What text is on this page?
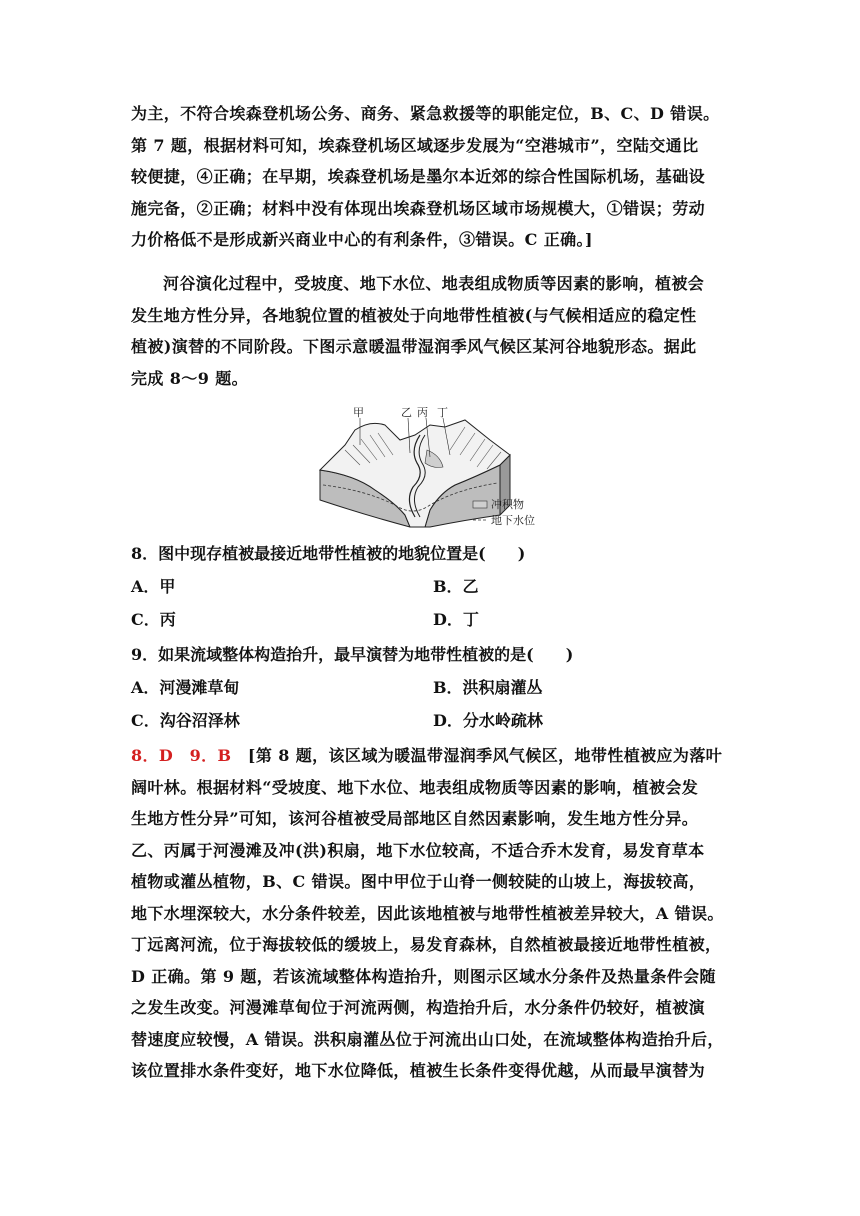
为主，不符合埃森登机场公务、商务、紧急救援等的职能定位，B、C、D 错误。
第 7 题，根据材料可知，埃森登机场区域逐步发展为“空港城市”，空陆交通比
较便捷，④正确；在早期，埃森登机场是墨尔本近郊的综合性国际机场，基础设
施完备，②正确；材料中没有体现出埃森登机场区域市场规模大，①错误；劳动
力价格低不是形成新兴商业中心的有利条件，③错误。C 正确。]
河谷演化过程中，受坡度、地下水位、地表组成物质等因素的影响，植被会
发生地方性分异，各地貌位置的植被处于向地带性植被(与气候相适应的稳定性
植被)演替的不同阶段。下图示意暖温带湿润季风气候区某河谷地貌形态。据此
完成 8～9 题。
甲	乙 丙 丁
冲积物
地下水位
8．图中现存植被最接近地带性植被的地貌位置是(　　)
A．甲	B．乙
C．丙	D．丁
9．如果流域整体构造抬升，最早演替为地带性植被的是(　　)
A．河漫滩草甸	B．洪积扇灌丛
C．沟谷沼泽林	D．分水岭疏林
8．D　9．B　 [第 8 题，该区域为暖温带湿润季风气候区，地带性植被应为落叶
阔叶林。根据材料“受坡度、地下水位、地表组成物质等因素的影响，植被会发
生地方性分异”可知，该河谷植被受局部地区自然因素影响，发生地方性分异。
乙、丙属于河漫滩及冲(洪)积扇，地下水位较高，不适合乔木发育，易发育草本
植物或灌丛植物，B、C 错误。图中甲位于山脊一侧较陡的山坡上，海拔较高，
地下水埋深较大，水分条件较差，因此该地植被与地带性植被差异较大，A 错误。
丁远离河流，位于海拔较低的缓坡上，易发育森林，自然植被最接近地带性植被，
D 正确。第 9 题，若该流域整体构造抬升，则图示区域水分条件及热量条件会随
之发生改变。河漫滩草甸位于河流两侧，构造抬升后，水分条件仍较好，植被演
替速度应较慢，A 错误。洪积扇灌丛位于河流出山口处，在流域整体构造抬升后，
该位置排水条件变好，地下水位降低，植被生长条件变得优越，从而最早演替为
